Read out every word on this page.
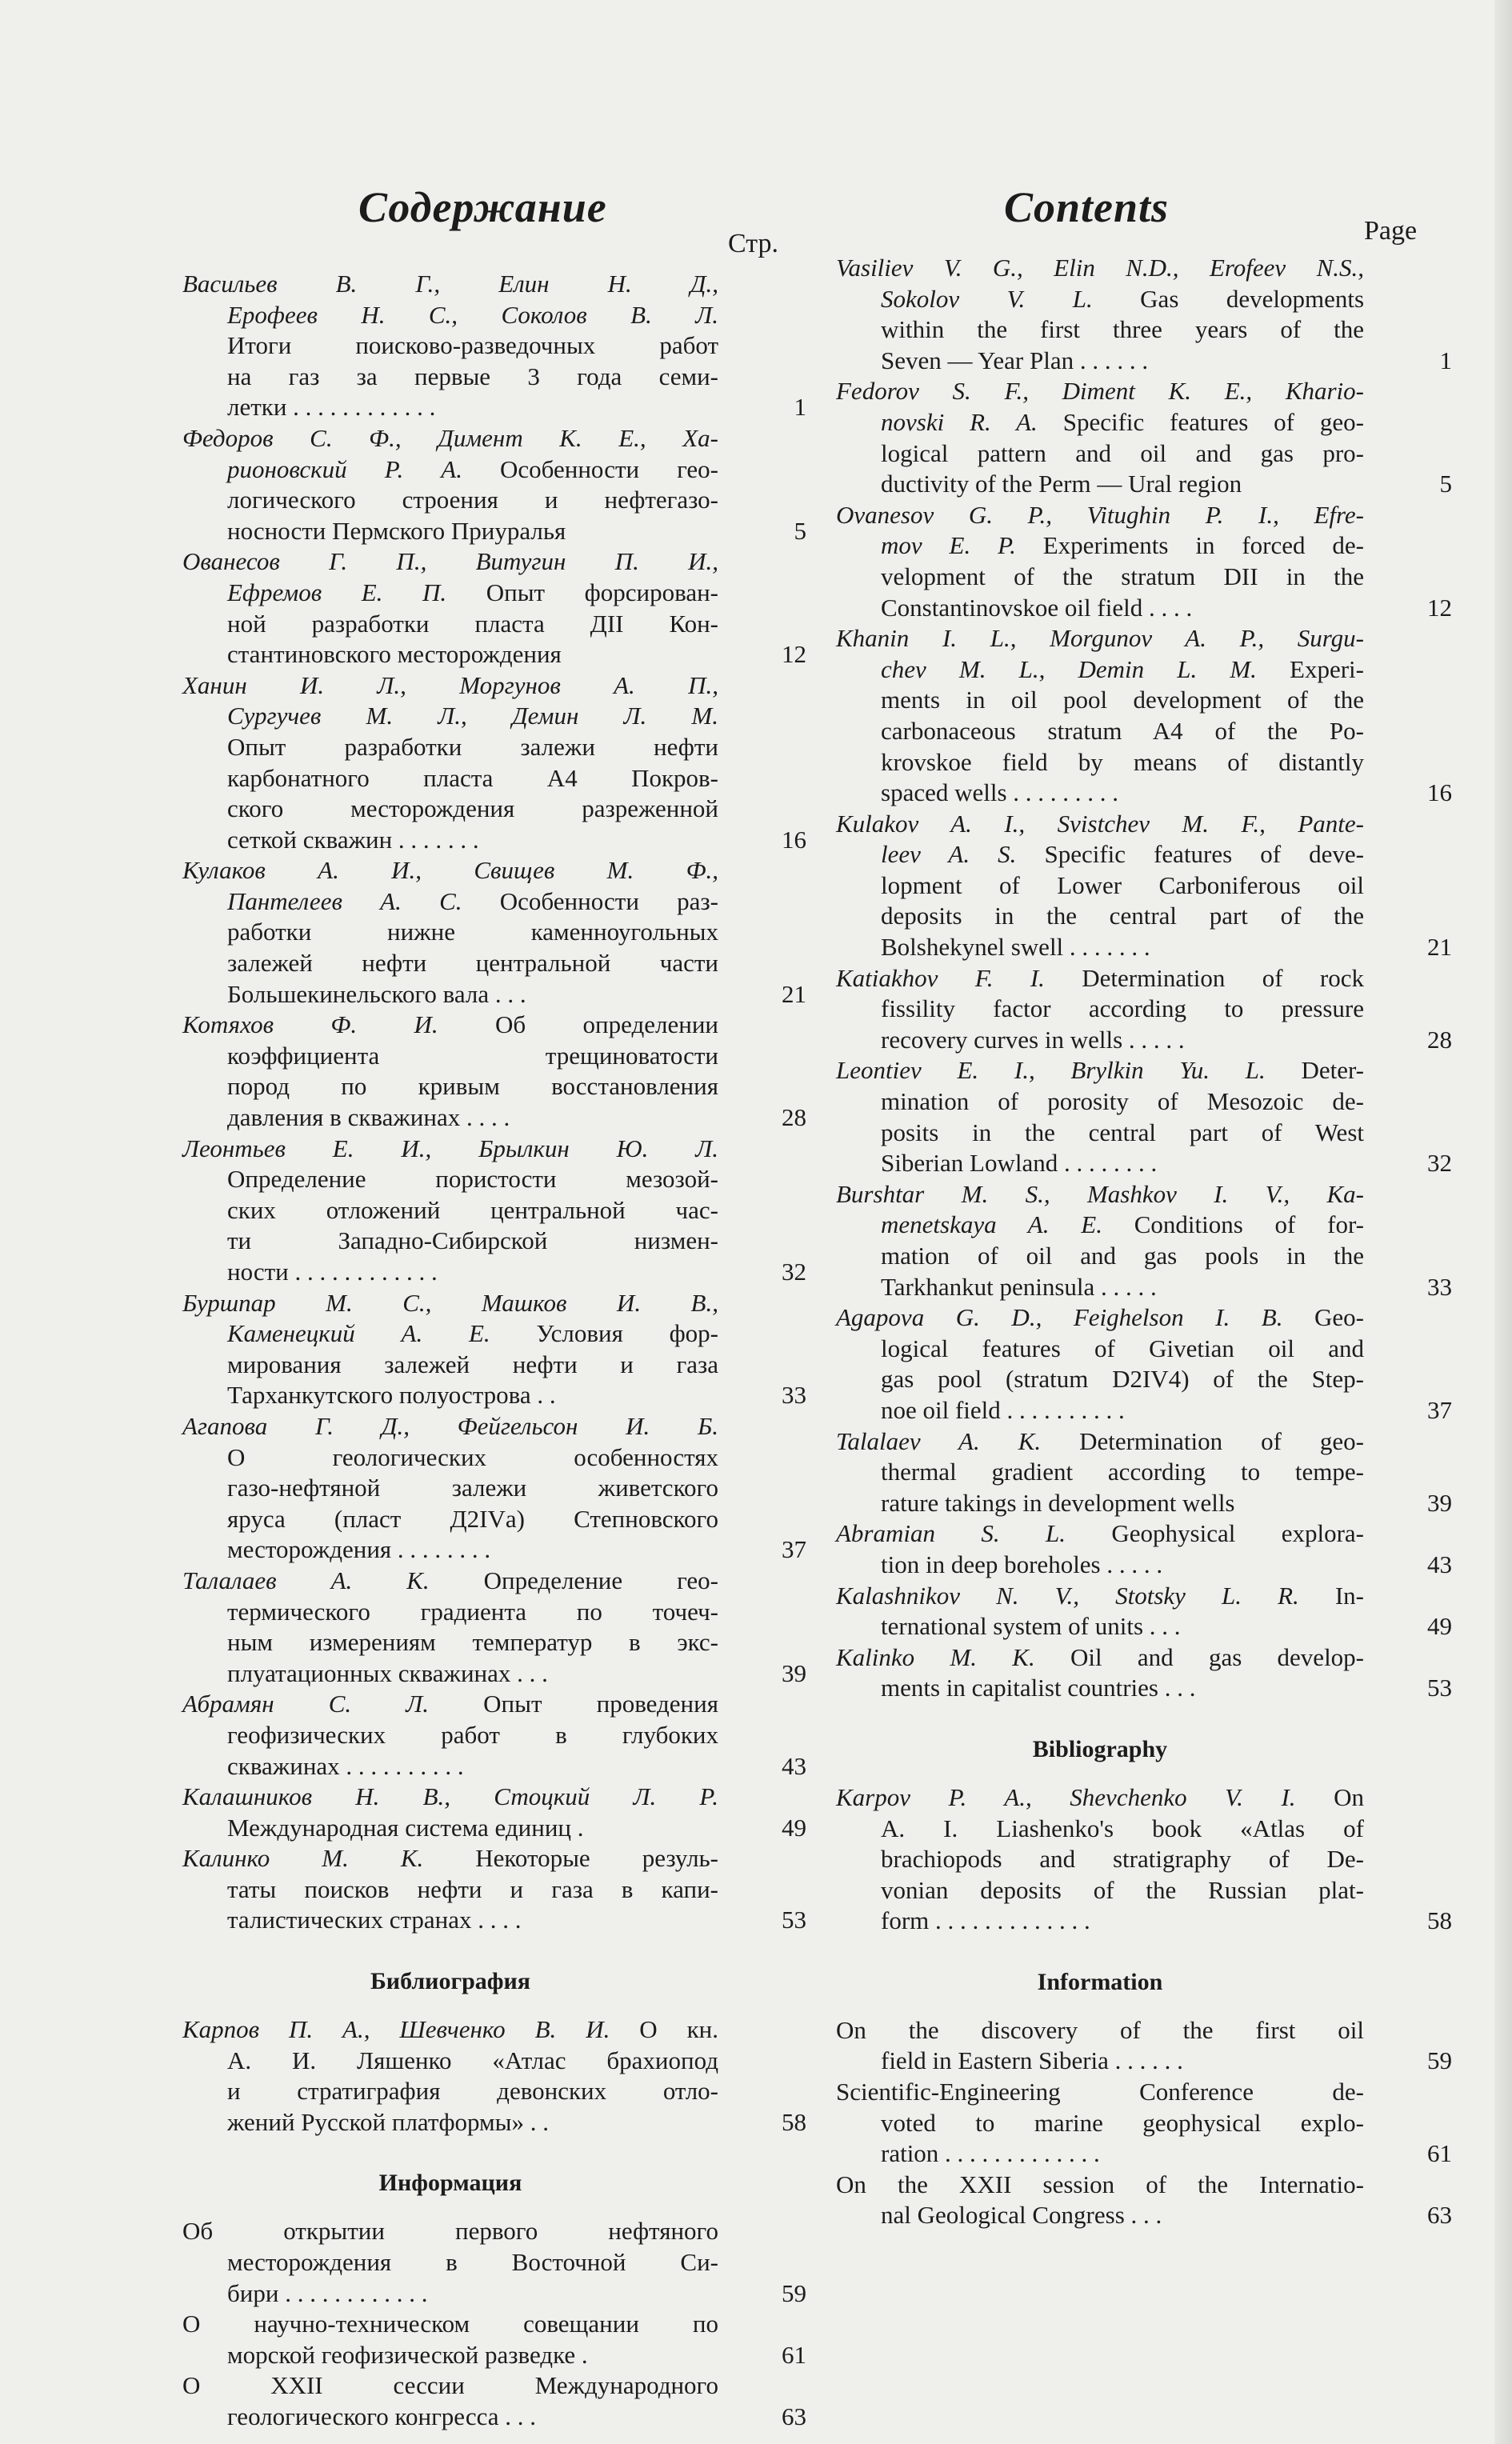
Содержание
Стр.
Васильев В. Г., Елин Н. Д.,
Ерофеев Н. С., Соколов В. Л.
Итоги поисково-разведочных работ
на газ за первые 3 года семи-
летки . . . . . . . . . . . .	1
Федоров С. Ф., Димент К. Е., Ха-
рионовский Р. А. Особенности гео-
логического строения и нефтегазо-
носности Пермского Приуралья	5
Ованесов Г. П., Витугин П. И.,
Ефремов Е. П. Опыт форсирован-
ной разработки пласта ДII Кон-
стантиновского месторождения	12
Ханин И. Л., Моргунов А. П.,
Сургучев М. Л., Демин Л. М.
Опыт разработки залежи нефти
карбонатного пласта А4 Покров-
ского месторождения разреженной
сеткой скважин . . . . . . .	16
Кулаков А. И., Свищев М. Ф.,
Пантелеев А. С. Особенности раз-
работки нижне каменноугольных
залежей нефти центральной части
Большекинельского вала . . .	21
Котяхов Ф. И. Об определении
коэффициента трещиноватости
пород по кривым восстановления
давления в скважинах . . . .	28
Леонтьев Е. И., Брылкин Ю. Л.
Определение пористости мезозой-
ских отложений центральной час-
ти Западно-Сибирской низмен-
ности . . . . . . . . . . . .	32
Буршпар М. С., Машков И. В.,
Каменецкий А. Е. Условия фор-
мирования залежей нефти и газа
Тарханкутского полуострова . .	33
Агапова Г. Д., Фейгельсон И. Б.
О геологических особенностях
газо-нефтяной залежи живетского
яруса (пласт Д2IVа) Степновского
месторождения . . . . . . . .	37
Талалаев А. К. Определение гео-
термического градиента по точеч-
ным измерениям температур в экс-
плуатационных скважинах . . .	39
Абрамян С. Л. Опыт проведения
геофизических работ в глубоких
скважинах . . . . . . . . . .	43
Калашников Н. В., Стоцкий Л. Р.
Международная система единиц .	49
Калинко М. К. Некоторые резуль-
таты поисков нефти и газа в капи-
талистических странах . . . .	53
Библиография
Карпов П. А., Шевченко В. И. О кн.
А. И. Ляшенко «Атлас брахиопод
и стратиграфия девонских отло-
жений Русской платформы» . .	58
Информация
Об открытии первого нефтяного
месторождения в Восточной Си-
бири . . . . . . . . . . . .	59
О научно-техническом совещании по
морской геофизической разведке .	61
О XXII сессии Международного
геологического конгресса . . .	63
Contents	Page
Vasiliev V. G., Elin N.D., Erofeev N.S.,
Sokolov V. L. Gas developments
within the first three years of the
Seven — Year Plan . . . . . .	1
Fedorov S. F., Diment K. E., Khario-
novski R. A. Specific features of geo-
logical pattern and oil and gas pro-
ductivity of the Perm — Ural region	5
Ovanesov G. P., Vitughin P. I., Efre-
mov E. P. Experiments in forced de-
velopment of the stratum DII in the
Constantinovskoe oil field . . . .	12
Khanin I. L., Morgunov A. P., Surgu-
chev M. L., Demin L. M. Experi-
ments in oil pool development of the
carbonaceous stratum A4 of the Po-
krovskoe field by means of distantly
spaced wells . . . . . . . . .	16
Kulakov A. I., Svistchev M. F., Pante-
leev A. S. Specific features of deve-
lopment of Lower Carboniferous oil
deposits in the central part of the
Bolshekynel swell . . . . . . .	21
Katiakhov F. I. Determination of rock
fissility factor according to pressure
recovery curves in wells . . . . .	28
Leontiev E. I., Brylkin Yu. L. Deter-
mination of porosity of Mesozoic de-
posits in the central part of West
Siberian Lowland . . . . . . . .	32
Burshtar M. S., Mashkov I. V., Ka-
menetskaya A. E. Conditions of for-
mation of oil and gas pools in the
Tarkhankut peninsula . . . . .	33
Agapova G. D., Feighelson I. B. Geo-
logical features of Givetian oil and
gas pool (stratum D2IV4) of the Step-
noe oil field . . . . . . . . . .	37
Talalaev A. K. Determination of geo-
thermal gradient according to tempe-
rature takings in development wells	39
Abramian S. L. Geophysical explora-
tion in deep boreholes . . . . .	43
Kalashnikov N. V., Stotsky L. R. In-
ternational system of units . . .	49
Kalinko M. K. Oil and gas develop-
ments in capitalist countries . . .	53
Bibliography
Karpov P. A., Shevchenko V. I. On
A. I. Liashenko's book «Atlas of
brachiopods and stratigraphy of De-
vonian deposits of the Russian plat-
form . . . . . . . . . . . . .	58
Information
On the discovery of the first oil
field in Eastern Siberia . . . . . .	59
Scientific-Engineering Conference de-
voted to marine geophysical explo-
ration . . . . . . . . . . . . .	61
On the XXII session of the Internatio-
nal Geological Congress . . .	63
